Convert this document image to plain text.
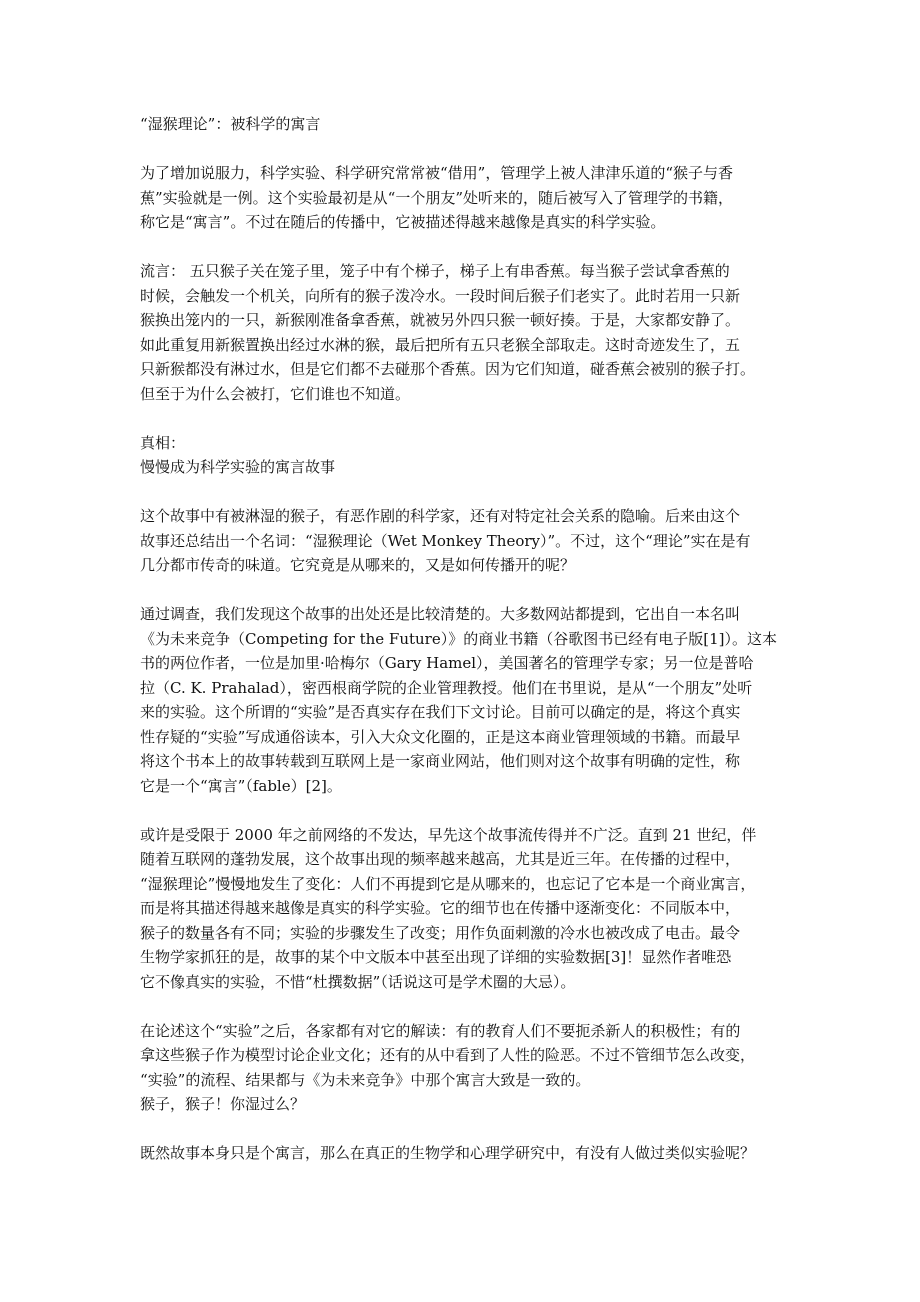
“湿猴理论”：被科学的寓言

为了增加说服力，科学实验、科学研究常常被“借用”，管理学上被人津津乐道的“猴子与香
蕉”实验就是一例。这个实验最初是从“一个朋友”处听来的，随后被写入了管理学的书籍，
称它是“寓言”。不过在随后的传播中，它被描述得越来越像是真实的科学实验。

流言： 五只猴子关在笼子里，笼子中有个梯子，梯子上有串香蕉。每当猴子尝试拿香蕉的
时候，会触发一个机关，向所有的猴子泼冷水。一段时间后猴子们老实了。此时若用一只新
猴换出笼内的一只，新猴刚准备拿香蕉，就被另外四只猴一顿好揍。于是，大家都安静了。
如此重复用新猴置换出经过水淋的猴，最后把所有五只老猴全部取走。这时奇迹发生了，五
只新猴都没有淋过水，但是它们都不去碰那个香蕉。因为它们知道，碰香蕉会被别的猴子打。
但至于为什么会被打，它们谁也不知道。

真相：
慢慢成为科学实验的寓言故事

这个故事中有被淋湿的猴子，有恶作剧的科学家，还有对特定社会关系的隐喻。后来由这个
故事还总结出一个名词：“湿猴理论（Wet Monkey Theory）”。不过，这个“理论”实在是有
几分都市传奇的味道。它究竟是从哪来的，又是如何传播开的呢？

通过调查，我们发现这个故事的出处还是比较清楚的。大多数网站都提到，它出自一本名叫
《为未来竞争（Competing for the Future）》的商业书籍（谷歌图书已经有电子版[1]）。这本
书的两位作者，一位是加里·哈梅尔（Gary Hamel），美国著名的管理学专家；另一位是普哈
拉（C. K. Prahalad），密西根商学院的企业管理教授。他们在书里说，是从“一个朋友”处听
来的实验。这个所谓的“实验”是否真实存在我们下文讨论。目前可以确定的是，将这个真实
性存疑的“实验”写成通俗读本，引入大众文化圈的，正是这本商业管理领域的书籍。而最早
将这个书本上的故事转载到互联网上是一家商业网站，他们则对这个故事有明确的定性，称
它是一个“寓言”（fable）[2]。

或许是受限于 2000 年之前网络的不发达，早先这个故事流传得并不广泛。直到 21 世纪，伴
随着互联网的蓬勃发展，这个故事出现的频率越来越高，尤其是近三年。在传播的过程中，
“湿猴理论”慢慢地发生了变化：人们不再提到它是从哪来的，也忘记了它本是一个商业寓言，
而是将其描述得越来越像是真实的科学实验。它的细节也在传播中逐渐变化：不同版本中，
猴子的数量各有不同；实验的步骤发生了改变；用作负面刺激的冷水也被改成了电击。最令
生物学家抓狂的是，故事的某个中文版本中甚至出现了详细的实验数据[3]！显然作者唯恐
它不像真实的实验，不惜“杜撰数据”（话说这可是学术圈的大忌）。

在论述这个“实验”之后，各家都有对它的解读：有的教育人们不要扼杀新人的积极性；有的
拿这些猴子作为模型讨论企业文化；还有的从中看到了人性的险恶。不过不管细节怎么改变，
“实验”的流程、结果都与《为未来竞争》中那个寓言大致是一致的。
猴子，猴子！你湿过么？

既然故事本身只是个寓言，那么在真正的生物学和心理学研究中，有没有人做过类似实验呢？
